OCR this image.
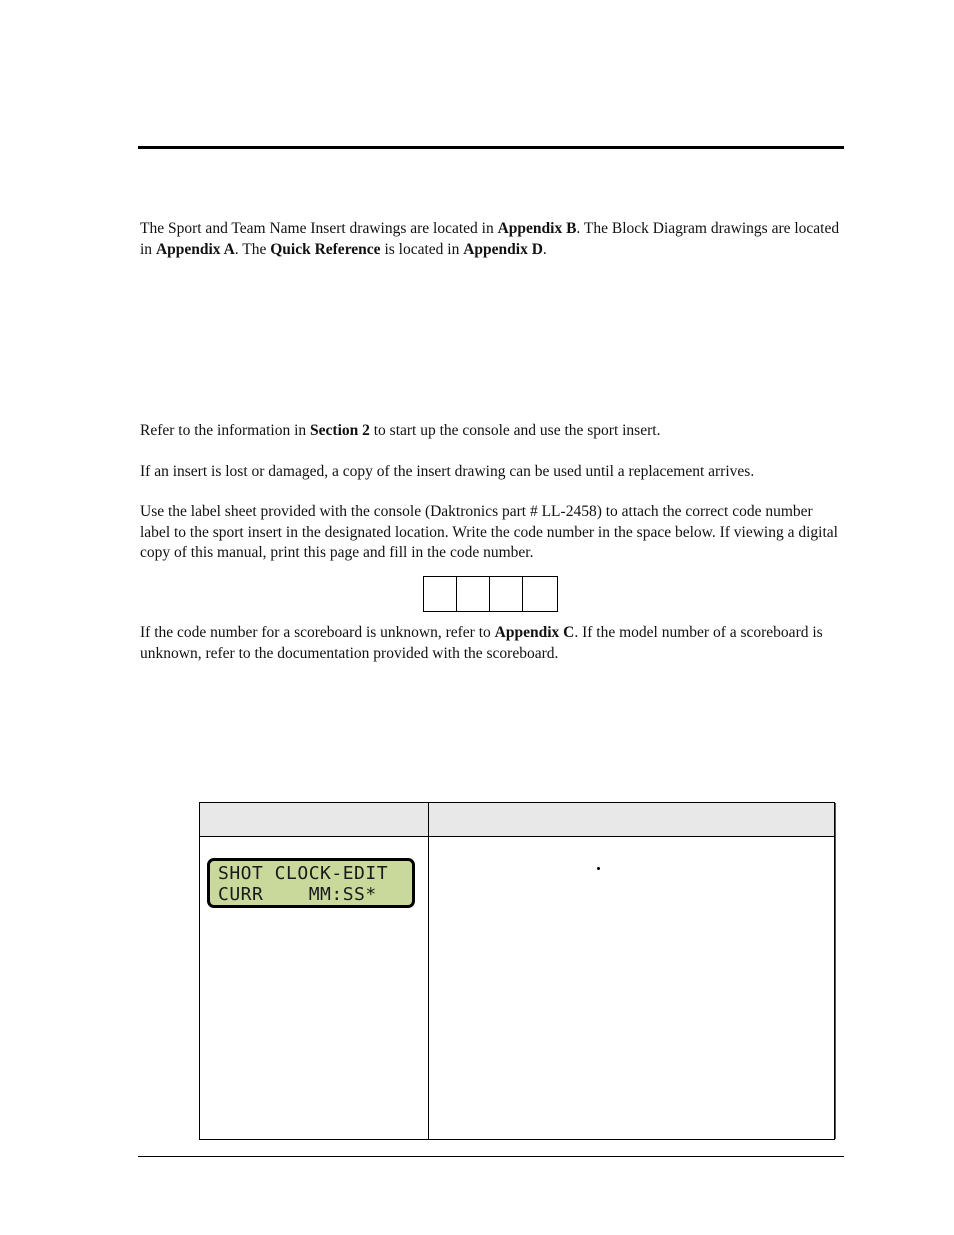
The Sport and Team Name Insert drawings are located in Appendix B. The Block Diagram drawings are located in Appendix A. The Quick Reference is located in Appendix D.

Refer to the information in Section 2 to start up the console and use the sport insert.

If an insert is lost or damaged, a copy of the insert drawing can be used until a replacement arrives.

Use the label sheet provided with the console (Daktronics part # LL-2458) to attach the correct code number label to the sport insert in the designated location. Write the code number in the space below. If viewing a digital copy of this manual, print this page and fill in the code number.

If the code number for a scoreboard is unknown, refer to Appendix C. If the model number of a scoreboard is unknown, refer to the documentation provided with the scoreboard.

SHOT CLOCK-EDIT
CURR    MM:SS*
